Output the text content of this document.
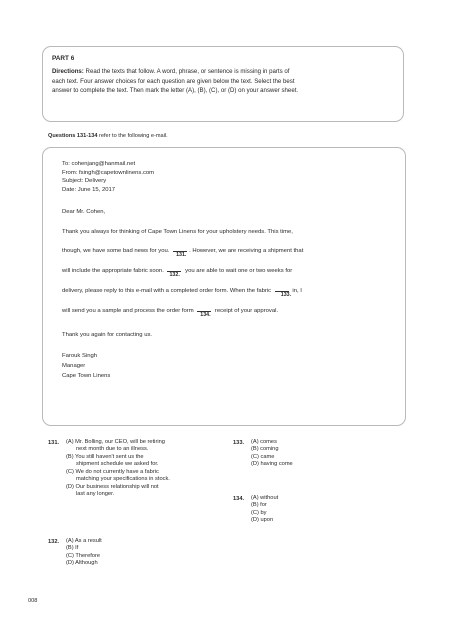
PART 6

Directions: Read the texts that follow. A word, phrase, or sentence is missing in parts of
each text. Four answer choices for each question are given below the text. Select the best
answer to complete the text. Then mark the letter (A), (B), (C), or (D) on your answer sheet.

Questions 131-134 refer to the following e-mail.
To: cohenjang@hanmail.net
From: fsingh@capetownlinens.com
Subject: Delivery
Date: June 15, 2017
Dear Mr. Cohen,
Thank you always for thinking of Cape Town Linens for your upholstery needs. This time,
though, we have some bad news for you.
131.
. However, we are receiving a shipment that
will include the appropriate fabric soon.
132.
you are able to wait one or two weeks for
delivery, please reply to this e-mail with a completed order form. When the fabric
133.
in, I
will send you a sample and process the order form
134.
receipt of your approval.
Thank you again for contacting us.
Farouk Singh
Manager
Cape Town Linens
131. (A) Mr. Bolling, our CEO, will be retiring
next month due to an illness.
(B) You still haven't sent us the
shipment schedule we asked for.
(C) We do not currently have a fabric
matching your specifications in stock.
(D) Our business relationship will not
last any longer.
132. (A) As a result
(B) If
(C) Therefore
(D) Although
133. (A) comes
(B) coming
(C) came
(D) having come
134. (A) without
(B) for
(C) by
(D) upon
008
